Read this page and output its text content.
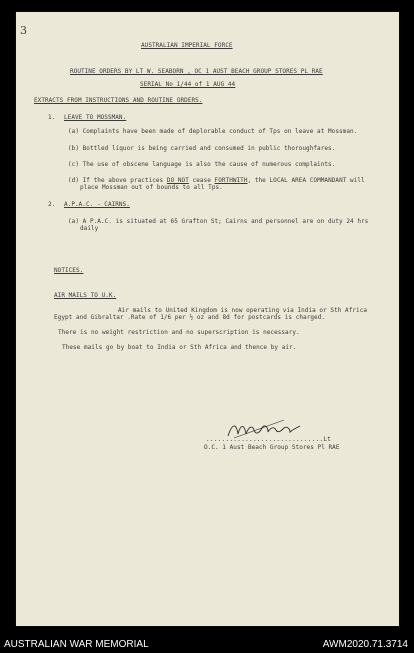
3
AUSTRALIAN IMPERIAL FORCE
ROUTINE ORDERS BY LT W. SEABORN , OC 1 AUST BEACH GROUP STORES PL RAE
SERIAL No 1/44 of 1 AUG 44
EXTRACTS FROM INSTRUCTIONS AND ROUTINE ORDERS.
1. LEAVE TO MOSSMAN.
(a) Complaints have been made of deplorable conduct of Tps on leave at Mossman.
(b) Bottled liquor is being carried and consumed in public thoroughfares.
(c) The use of obscene language is also the cause of numerous complaints.
(d) If the above practices DO NOT cease FORTHWITH, the LOCAL AREA COMMANDANT will
place Mossman out of bounds to all Tps.
2. A.P.A.C. - CAIRNS.
(a) A P.A.C. is situated at 65 Grafton St; Cairns and personnel are on duty 24 hrs
daily
NOTICES.
AIR MAILS TO U.K.
Air mails to United Kingdom is now operating via India or Sth Africa
Egypt and Gibraltar .Rate of 1/6 per ½ oz and 8d for postcards is charged.
There is no weight restriction and no superscription is necessary.
These mails go by boat to India or Sth Africa and thence by air.
..............................Lt
O.C. 1 Aust Beach Group Stores Pl RAE
AUSTRALIAN WAR MEMORIAL	AWM2020.71.3714
